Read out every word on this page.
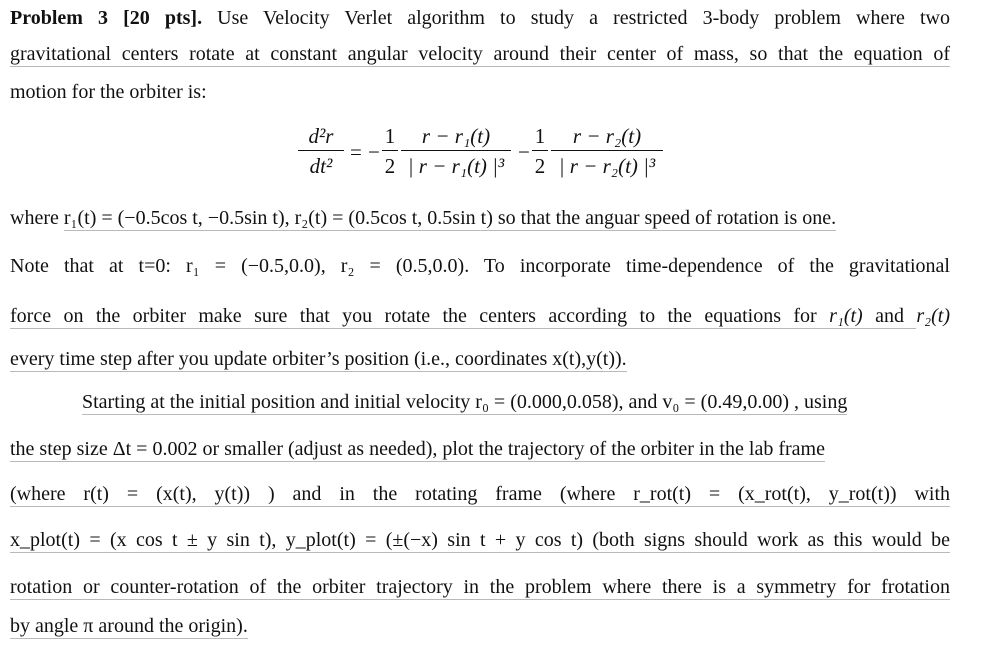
Problem 3 [20 pts]. Use Velocity Verlet algorithm to study a restricted 3-body problem where two
gravitational centers rotate at constant angular velocity around their center of mass, so that the equation of
motion for the orbiter is:
d²r
dt²
= −
1
2
r − r₁(t)
| r − r₁(t) |³
−
1
2
r − r₂(t)
| r − r₂(t) |³
where r₁(t) = (−0.5cos t, −0.5sin t), r₂(t) = (0.5cos t, 0.5sin t) so that the anguar speed of rotation is one.
Note that at t=0: r₁ = (−0.5,0.0), r₂ = (0.5,0.0). To incorporate time-dependence of the gravitational
force on the orbiter make sure that you rotate the centers according to the equations for r₁(t) and r₂(t)
every time step after you update orbiter’s position (i.e., coordinates x(t),y(t)).
Starting at the initial position and initial velocity r₀ = (0.000,0.058), and v₀ = (0.49,0.00) , using
the step size Δt = 0.002 or smaller (adjust as needed), plot the trajectory of the orbiter in the lab frame
(where r(t) = (x(t), y(t)) ) and in the rotating frame (where r_rot(t) = (x_rot(t), y_rot(t)) with
x_plot(t) = (x cos t ± y sin t), y_plot(t) = (±(−x) sin t + y cos t) (both signs should work as this would be
rotation or counter-rotation of the orbiter trajectory in the problem where there is a symmetry for frotation
by angle π around the origin).
